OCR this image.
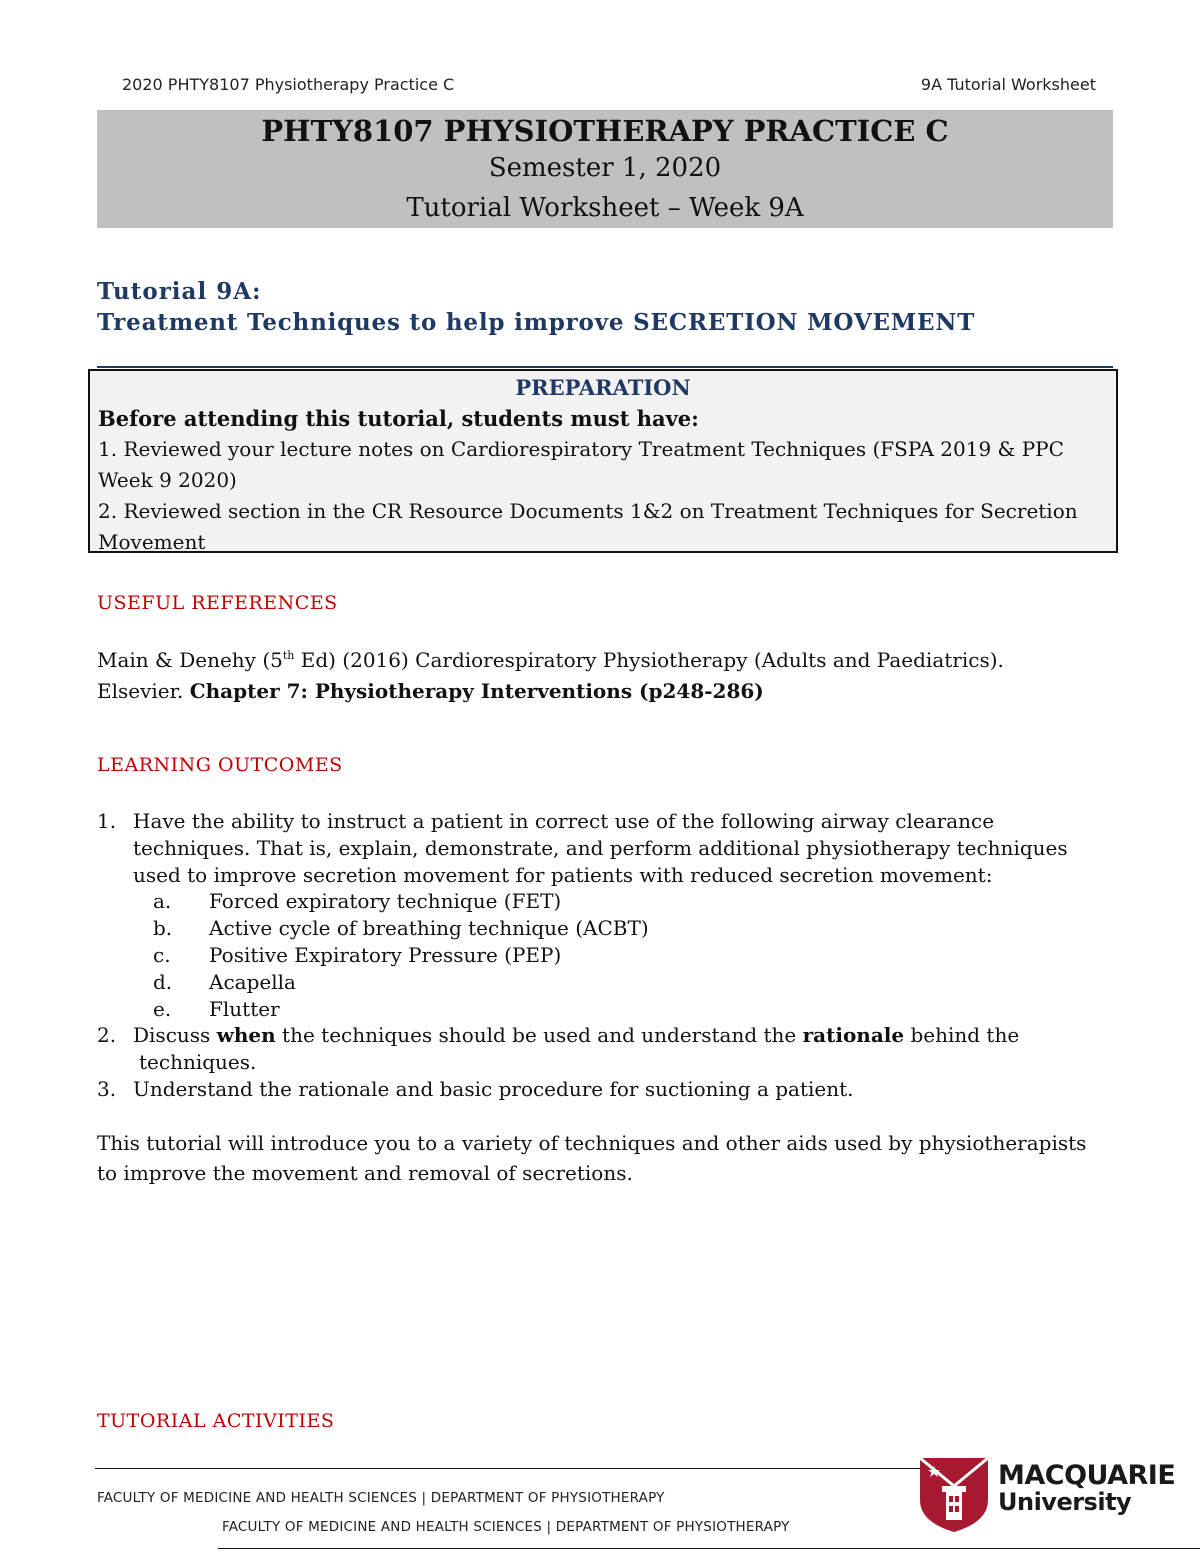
2020 PHTY8107 Physiotherapy Practice C	9A Tutorial Worksheet
PHTY8107 PHYSIOTHERAPY PRACTICE C
Semester 1, 2020
Tutorial Worksheet – Week 9A
Tutorial 9A:
Treatment Techniques to help improve SECRETION MOVEMENT
PREPARATION
Before attending this tutorial, students must have:
1. Reviewed your lecture notes on Cardiorespiratory Treatment Techniques (FSPA 2019 & PPC Week 9 2020)
2. Reviewed section in the CR Resource Documents 1&2 on Treatment Techniques for Secretion Movement
USEFUL REFERENCES
Main & Denehy (5th Ed) (2016) Cardiorespiratory Physiotherapy (Adults and Paediatrics).
Elsevier. Chapter 7: Physiotherapy Interventions (p248-286)
LEARNING OUTCOMES
1. Have the ability to instruct a patient in correct use of the following airway clearance
techniques. That is, explain, demonstrate, and perform additional physiotherapy techniques
used to improve secretion movement for patients with reduced secretion movement:
a. Forced expiratory technique (FET)
b. Active cycle of breathing technique (ACBT)
c. Positive Expiratory Pressure (PEP)
d. Acapella
e. Flutter
2. Discuss when the techniques should be used and understand the rationale behind the
techniques.
3. Understand the rationale and basic procedure for suctioning a patient.
This tutorial will introduce you to a variety of techniques and other aids used by physiotherapists to improve the movement and removal of secretions.
TUTORIAL ACTIVITIES
FACULTY OF MEDICINE AND HEALTH SCIENCES | DEPARTMENT OF PHYSIOTHERAPY
FACULTY OF MEDICINE AND HEALTH SCIENCES | DEPARTMENT OF PHYSIOTHERAPY
MACQUARIE
University
